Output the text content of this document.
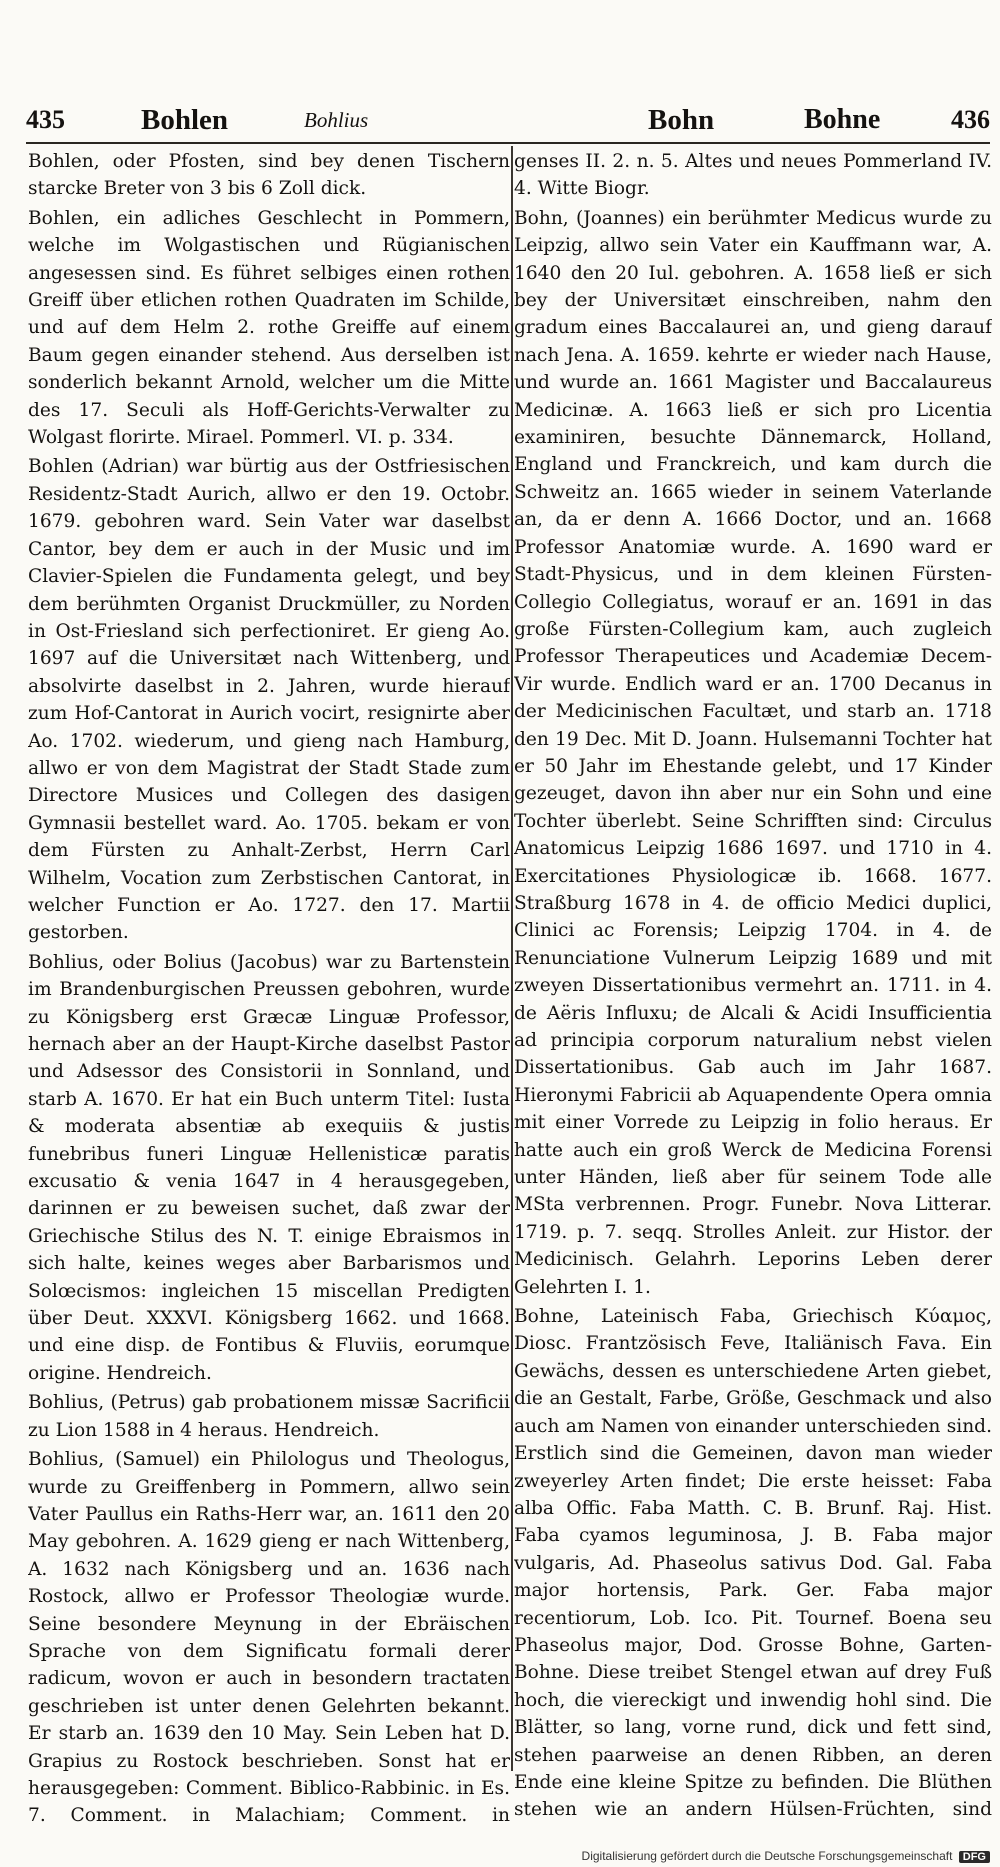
435	Bohlen	Bohlius	Bohn	Bohne	436

Bohlen, oder Pfosten, sind bey denen Tischern starcke Breter von 3 bis 6 Zoll dick.

Bohlen, ein adliches Geschlecht in Pommern, welche im Wolgastischen und Rügianischen angesessen sind. Es führet selbiges einen rothen Greiff über etlichen rothen Quadraten im Schilde, und auf dem Helm 2. rothe Greiffe auf einem Baum gegen einander stehend. Aus derselben ist sonderlich bekannt Arnold, welcher um die Mitte des 17. Seculi als Hoff-Gerichts-Verwalter zu Wolgast florirte. Mirael. Pommerl. VI. p. 334.

Bohlen (Adrian) war bürtig aus der Ostfriesischen Residentz-Stadt Aurich, allwo er den 19. Octobr. 1679. gebohren ward. Sein Vater war daselbst Cantor, bey dem er auch in der Music und im Clavier-Spielen die Fundamenta gelegt, und bey dem berühmten Organist Druckmüller, zu Norden in Ost-Friesland sich perfectioniret. Er gieng Ao. 1697 auf die Universitæt nach Wittenberg, und absolvirte daselbst in 2. Jahren, wurde hierauf zum Hof-Cantorat in Aurich vocirt, resignirte aber Ao. 1702. wiederum, und gieng nach Hamburg, allwo er von dem Magistrat der Stadt Stade zum Directore Musices und Collegen des dasigen Gymnasii bestellet ward. Ao. 1705. bekam er von dem Fürsten zu Anhalt-Zerbst, Herrn Carl Wilhelm, Vocation zum Zerbstischen Cantorat, in welcher Function er Ao. 1727. den 17. Martii gestorben.

Bohlius, oder Bolius (Jacobus) war zu Bartenstein im Brandenburgischen Preussen gebohren, wurde zu Königsberg erst Græcæ Linguæ Professor, hernach aber an der Haupt-Kirche daselbst Pastor und Adsessor des Consistorii in Sonnland, und starb A. 1670. Er hat ein Buch unterm Titel: Iusta & moderata absentiæ ab exequiis & justis funebribus funeri Linguæ Hellenisticæ paratis excusatio & venia 1647 in 4 herausgegeben, darinnen er zu beweisen suchet, daß zwar der Griechische Stilus des N. T. einige Ebraismos in sich halte, keines weges aber Barbarismos und Solœcismos: ingleichen 15 miscellan Predigten über Deut. XXXVI. Königsberg 1662. und 1668. und eine disp. de Fontibus & Fluviis, eorumque origine. Hendreich.

Bohlius, (Petrus) gab probationem missæ Sacrificii zu Lion 1588 in 4 heraus. Hendreich.

Bohlius, (Samuel) ein Philologus und Theologus, wurde zu Greiffenberg in Pommern, allwo sein Vater Paullus ein Raths-Herr war, an. 1611 den 20 May gebohren. A. 1629 gieng er nach Wittenberg, A. 1632 nach Königsberg und an. 1636 nach Rostock, allwo er Professor Theologiæ wurde. Seine besondere Meynung in der Ebräischen Sprache von dem Significatu formali derer radicum, wovon er auch in besondern tractaten geschrieben ist unter denen Gelehrten bekannt. Er starb an. 1639 den 10 May. Sein Leben hat D. Grapius zu Rostock beschrieben. Sonst hat er herausgegeben: Comment. Biblico-Rabbinic. in Es. 7. Comment. in Malachiam; Comment. in

genses II. 2. n. 5. Altes und neues Pommerland IV. 4. Witte Biogr.

Bohn, (Joannes) ein berühmter Medicus wurde zu Leipzig, allwo sein Vater ein Kauffmann war, A. 1640 den 20 Iul. gebohren. A. 1658 ließ er sich bey der Universitæt einschreiben, nahm den gradum eines Baccalaurei an, und gieng darauf nach Jena. A. 1659. kehrte er wieder nach Hause, und wurde an. 1661 Magister und Baccalaureus Medicinæ. A. 1663 ließ er sich pro Licentia examiniren, besuchte Dännemarck, Holland, England und Franckreich, und kam durch die Schweitz an. 1665 wieder in seinem Vaterlande an, da er denn A. 1666 Doctor, und an. 1668 Professor Anatomiæ wurde. A. 1690 ward er Stadt-Physicus, und in dem kleinen Fürsten-Collegio Collegiatus, worauf er an. 1691 in das große Fürsten-Collegium kam, auch zugleich Professor Therapeutices und Academiæ Decem-Vir wurde. Endlich ward er an. 1700 Decanus in der Medicinischen Facultæt, und starb an. 1718 den 19 Dec. Mit D. Joann. Hulsemanni Tochter hat er 50 Jahr im Ehestande gelebt, und 17 Kinder gezeuget, davon ihn aber nur ein Sohn und eine Tochter überlebt. Seine Schrifften sind: Circulus Anatomicus Leipzig 1686 1697. und 1710 in 4. Exercitationes Physiologicæ ib. 1668. 1677. Straßburg 1678 in 4. de officio Medici duplici, Clinici ac Forensis; Leipzig 1704. in 4. de Renunciatione Vulnerum Leipzig 1689 und mit zweyen Dissertationibus vermehrt an. 1711. in 4. de Aëris Influxu; de Alcali & Acidi Insufficientia ad principia corporum naturalium nebst vielen Dissertationibus. Gab auch im Jahr 1687. Hieronymi Fabricii ab Aquapendente Opera omnia mit einer Vorrede zu Leipzig in folio heraus. Er hatte auch ein groß Werck de Medicina Forensi unter Händen, ließ aber für seinem Tode alle MSta verbrennen. Progr. Funebr. Nova Litterar. 1719. p. 7. seqq. Strolles Anleit. zur Histor. der Medicinisch. Gelahrh. Leporins Leben derer Gelehrten I. 1.

Bohne, Lateinisch Faba, Griechisch Κύαμος, Diosc. Frantzösisch Feve, Italiänisch Fava. Ein Gewächs, dessen es unterschiedene Arten giebet, die an Gestalt, Farbe, Größe, Geschmack und also auch am Namen von einander unterschieden sind. Erstlich sind die Gemeinen, davon man wieder zweyerley Arten findet; Die erste heisset: Faba alba Offic. Faba Matth. C. B. Brunf. Raj. Hist. Faba cyamos leguminosa, J. B. Faba major vulgaris, Ad. Phaseolus sativus Dod. Gal. Faba major hortensis, Park. Ger. Faba major recentiorum, Lob. Ico. Pit. Tournef. Boena seu Phaseolus major, Dod. Grosse Bohne, Garten-Bohne. Diese treibet Stengel etwan auf drey Fuß hoch, die viereckigt und inwendig hohl sind. Die Blätter, so lang, vorne rund, dick und fett sind, stehen paarweise an denen Ribben, an deren Ende eine kleine Spitze zu befinden. Die Blüthen stehen wie an andern Hülsen-Früchten, sind

Digitalisierung gefördert durch die Deutsche Forschungsgemeinschaft DFG
